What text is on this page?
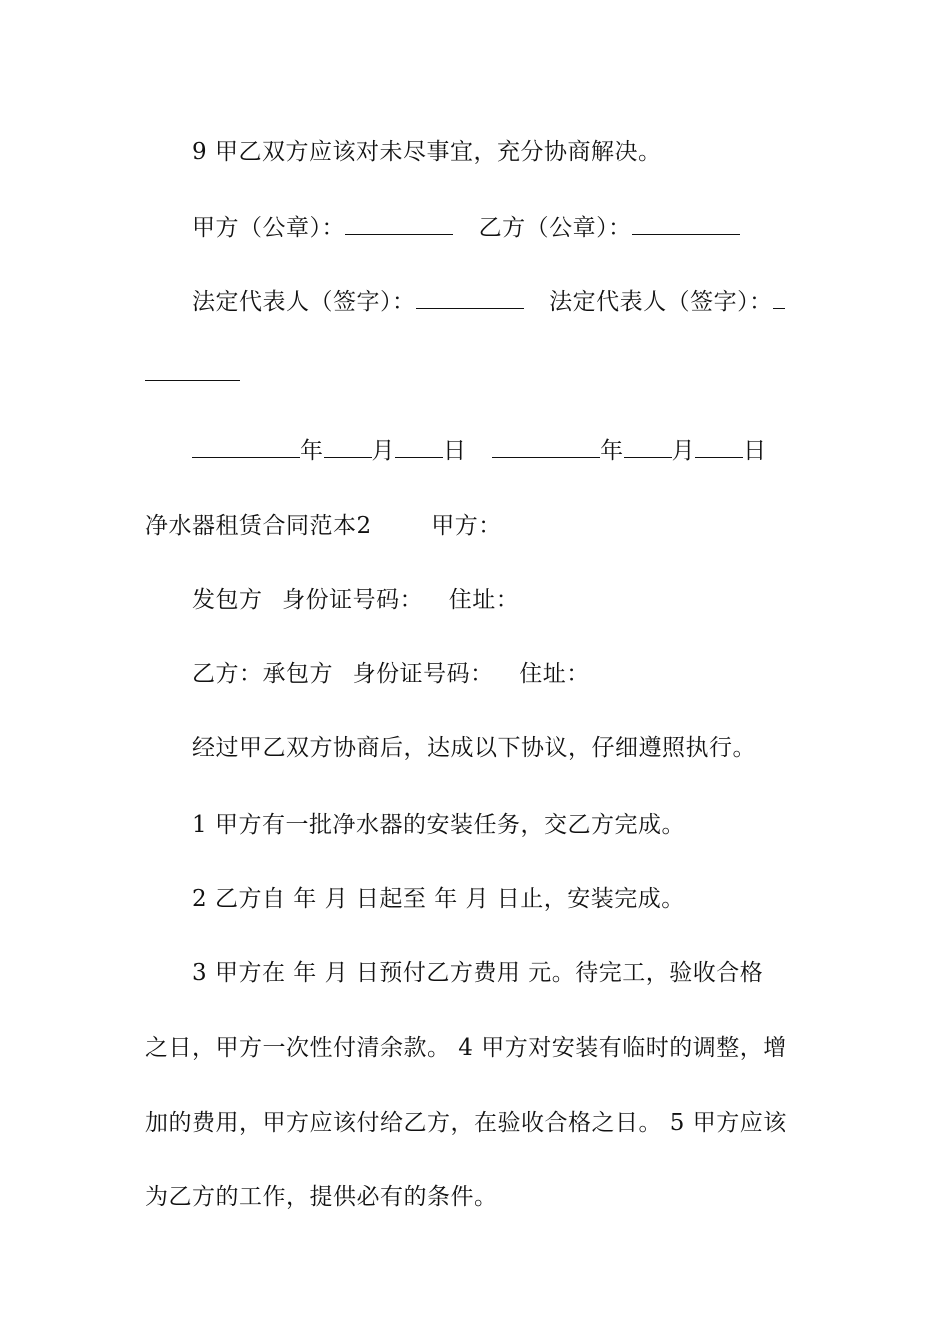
9 甲乙双方应该对未尽事宜，充分协商解决。
甲方（公章）：	乙方（公章）：
法定代表人（签字）：	法定代表人（签字）：
年 月 日	年 月 日
净水器租赁合同范本2	甲方：
发包方 身份证号码： 住址：
乙方：承包方 身份证号码： 住址：
经过甲乙双方协商后，达成以下协议，仔细遵照执行。
1 甲方有一批净水器的安装任务，交乙方完成。
2 乙方自 年 月 日起至 年 月 日止，安装完成。
3 甲方在 年 月 日预付乙方费用 元。待完工，验收合格
之日，甲方一次性付清余款。 4 甲方对安装有临时的调整，增
加的费用，甲方应该付给乙方，在验收合格之日。 5 甲方应该
为乙方的工作，提供必有的条件。
